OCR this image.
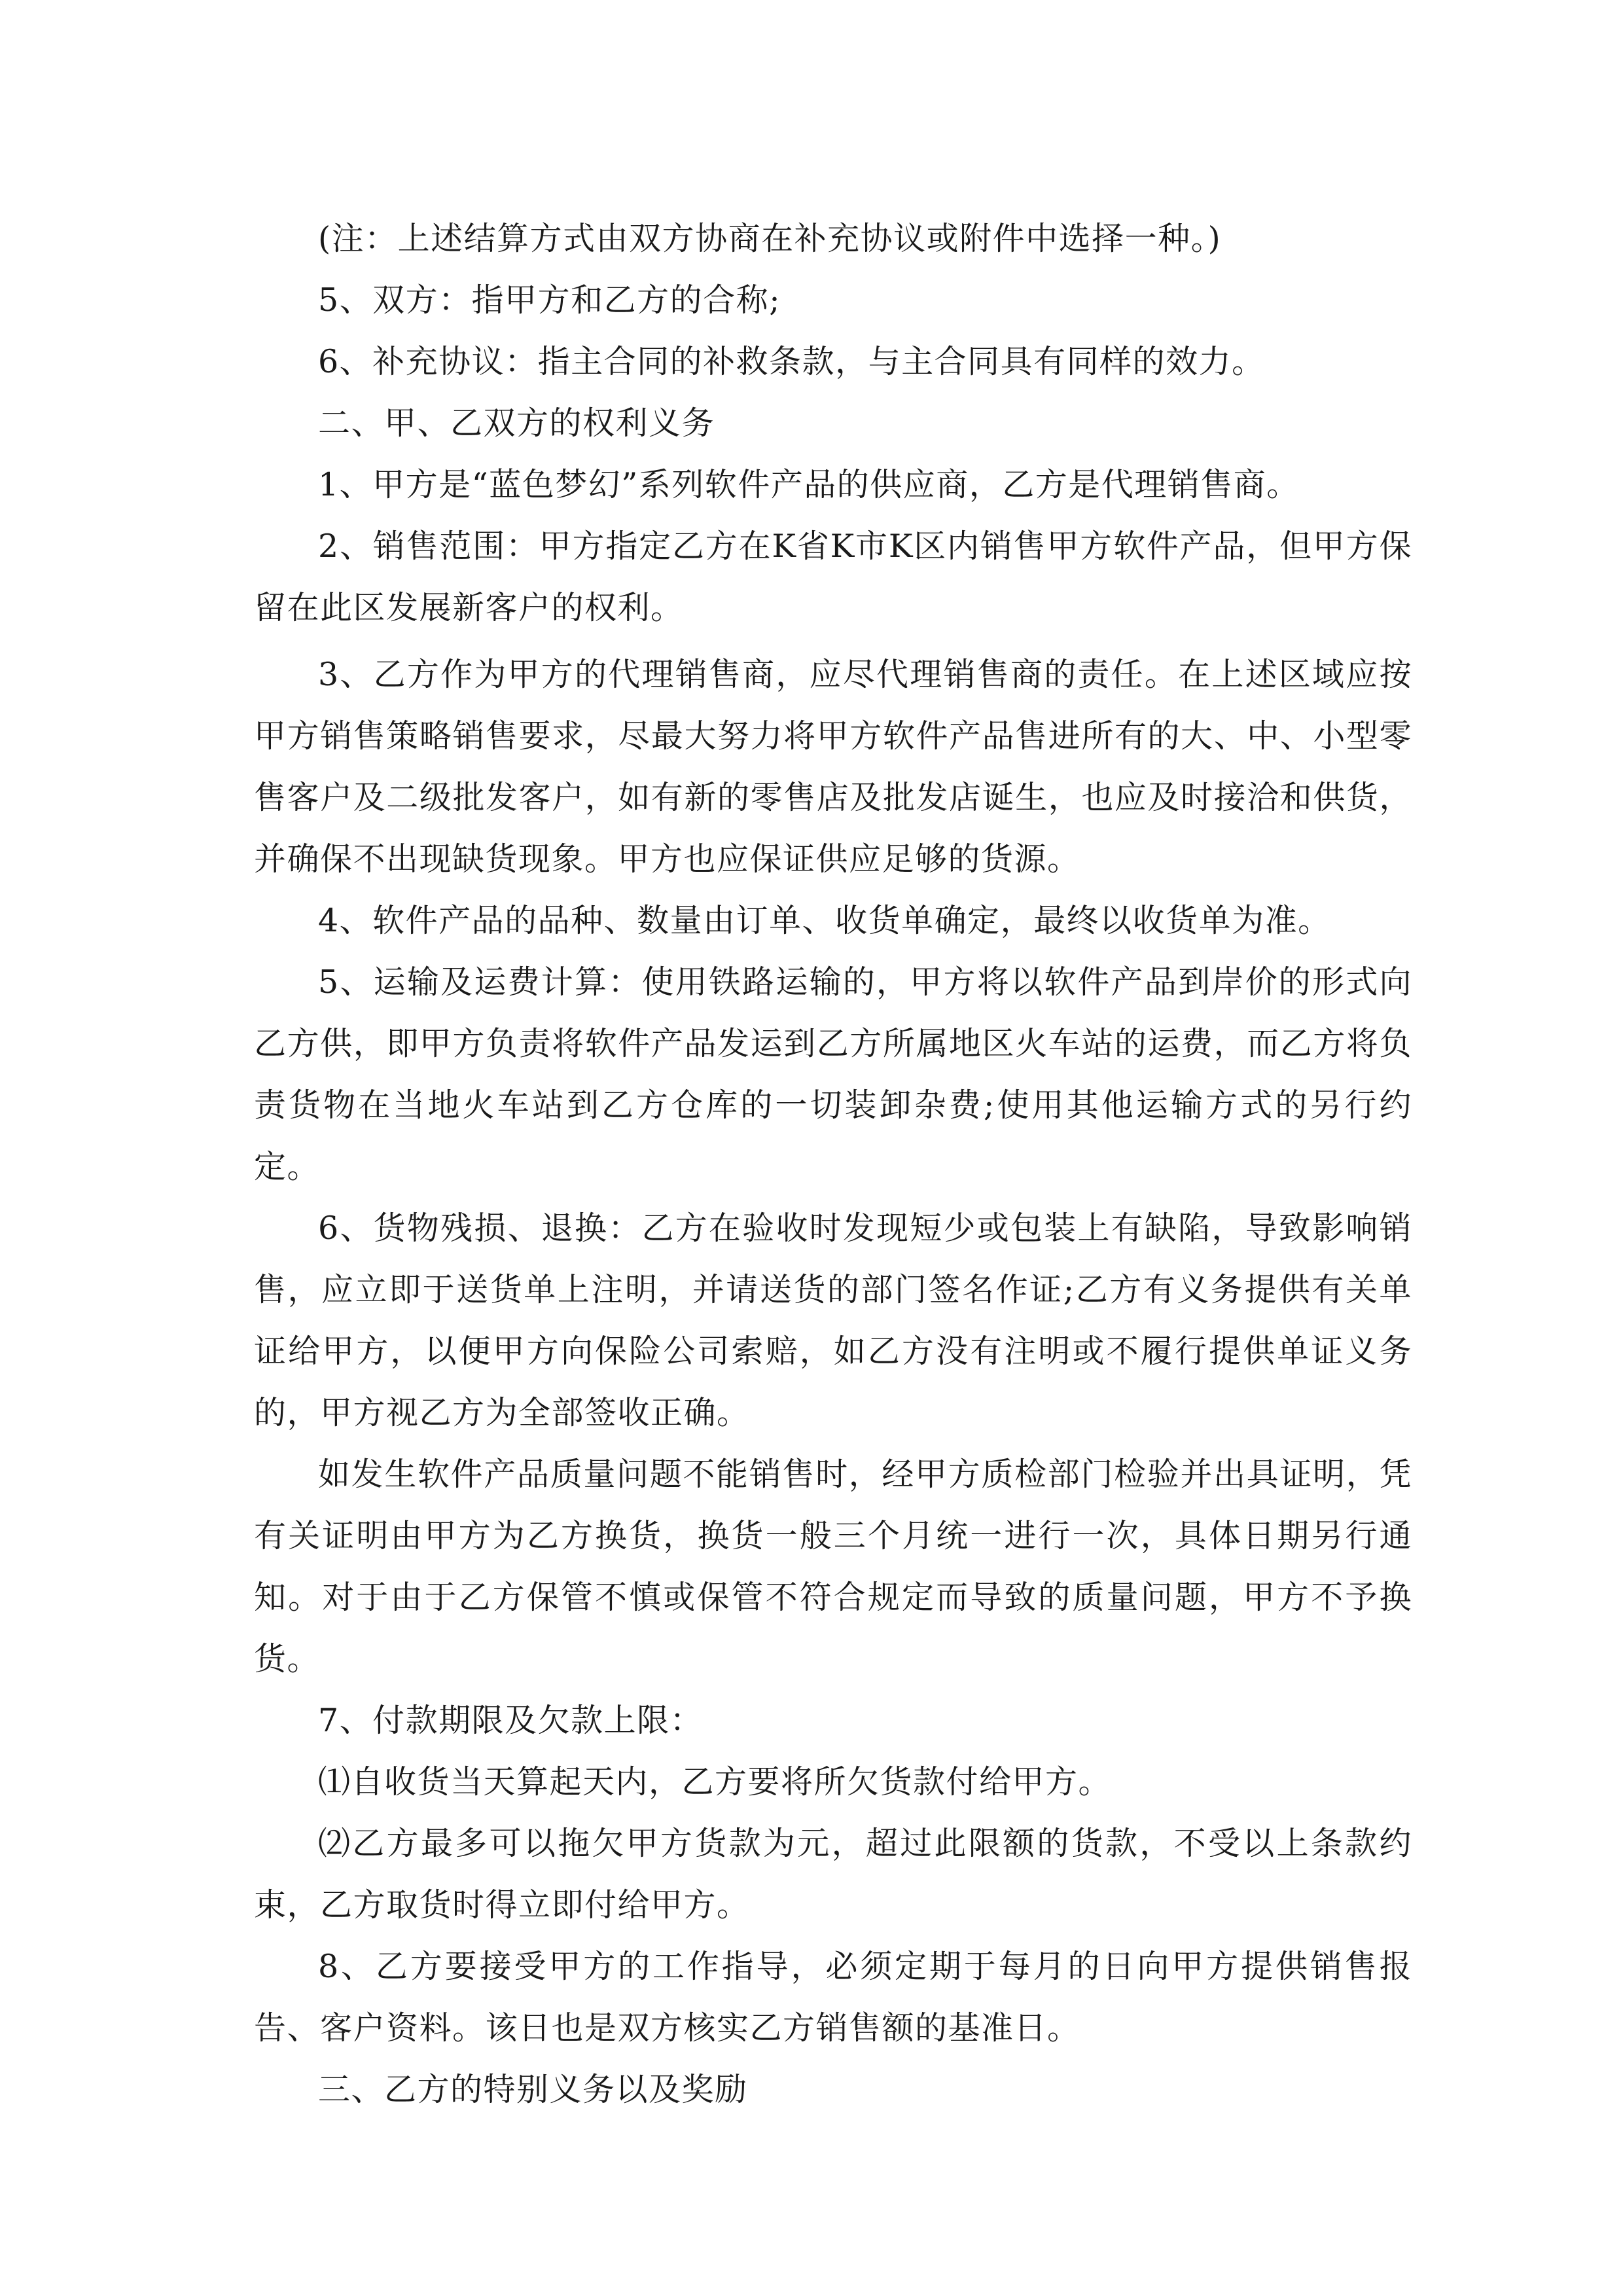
(注：上述结算方式由双方协商在补充协议或附件中选择一种。)

5、双方：指甲方和乙方的合称;

6、补充协议：指主合同的补救条款，与主合同具有同样的效力。

二、甲、乙双方的权利义务

1、甲方是“蓝色梦幻”系列软件产品的供应商，乙方是代理销售商。

2、销售范围：甲方指定乙方在K省K市K区内销售甲方软件产品，但甲方保留在此区发展新客户的权利。

3、乙方作为甲方的代理销售商，应尽代理销售商的责任。在上述区域应按甲方销售策略销售要求，尽最大努力将甲方软件产品售进所有的大、中、小型零售客户及二级批发客户，如有新的零售店及批发店诞生，也应及时接洽和供货，并确保不出现缺货现象。甲方也应保证供应足够的货源。

4、软件产品的品种、数量由订单、收货单确定，最终以收货单为准。

5、运输及运费计算：使用铁路运输的，甲方将以软件产品到岸价的形式向乙方供，即甲方负责将软件产品发运到乙方所属地区火车站的运费，而乙方将负责货物在当地火车站到乙方仓库的一切装卸杂费;使用其他运输方式的另行约定。

6、货物残损、退换：乙方在验收时发现短少或包装上有缺陷，导致影响销售，应立即于送货单上注明，并请送货的部门签名作证;乙方有义务提供有关单证给甲方，以便甲方向保险公司索赔，如乙方没有注明或不履行提供单证义务的，甲方视乙方为全部签收正确。

如发生软件产品质量问题不能销售时，经甲方质检部门检验并出具证明，凭有关证明由甲方为乙方换货，换货一般三个月统一进行一次，具体日期另行通知。对于由于乙方保管不慎或保管不符合规定而导致的质量问题，甲方不予换货。

7、付款期限及欠款上限：

⑴自收货当天算起天内，乙方要将所欠货款付给甲方。

⑵乙方最多可以拖欠甲方货款为元，超过此限额的货款，不受以上条款约束，乙方取货时得立即付给甲方。

8、乙方要接受甲方的工作指导，必须定期于每月的日向甲方提供销售报告、客户资料。该日也是双方核实乙方销售额的基准日。

三、乙方的特别义务以及奖励
